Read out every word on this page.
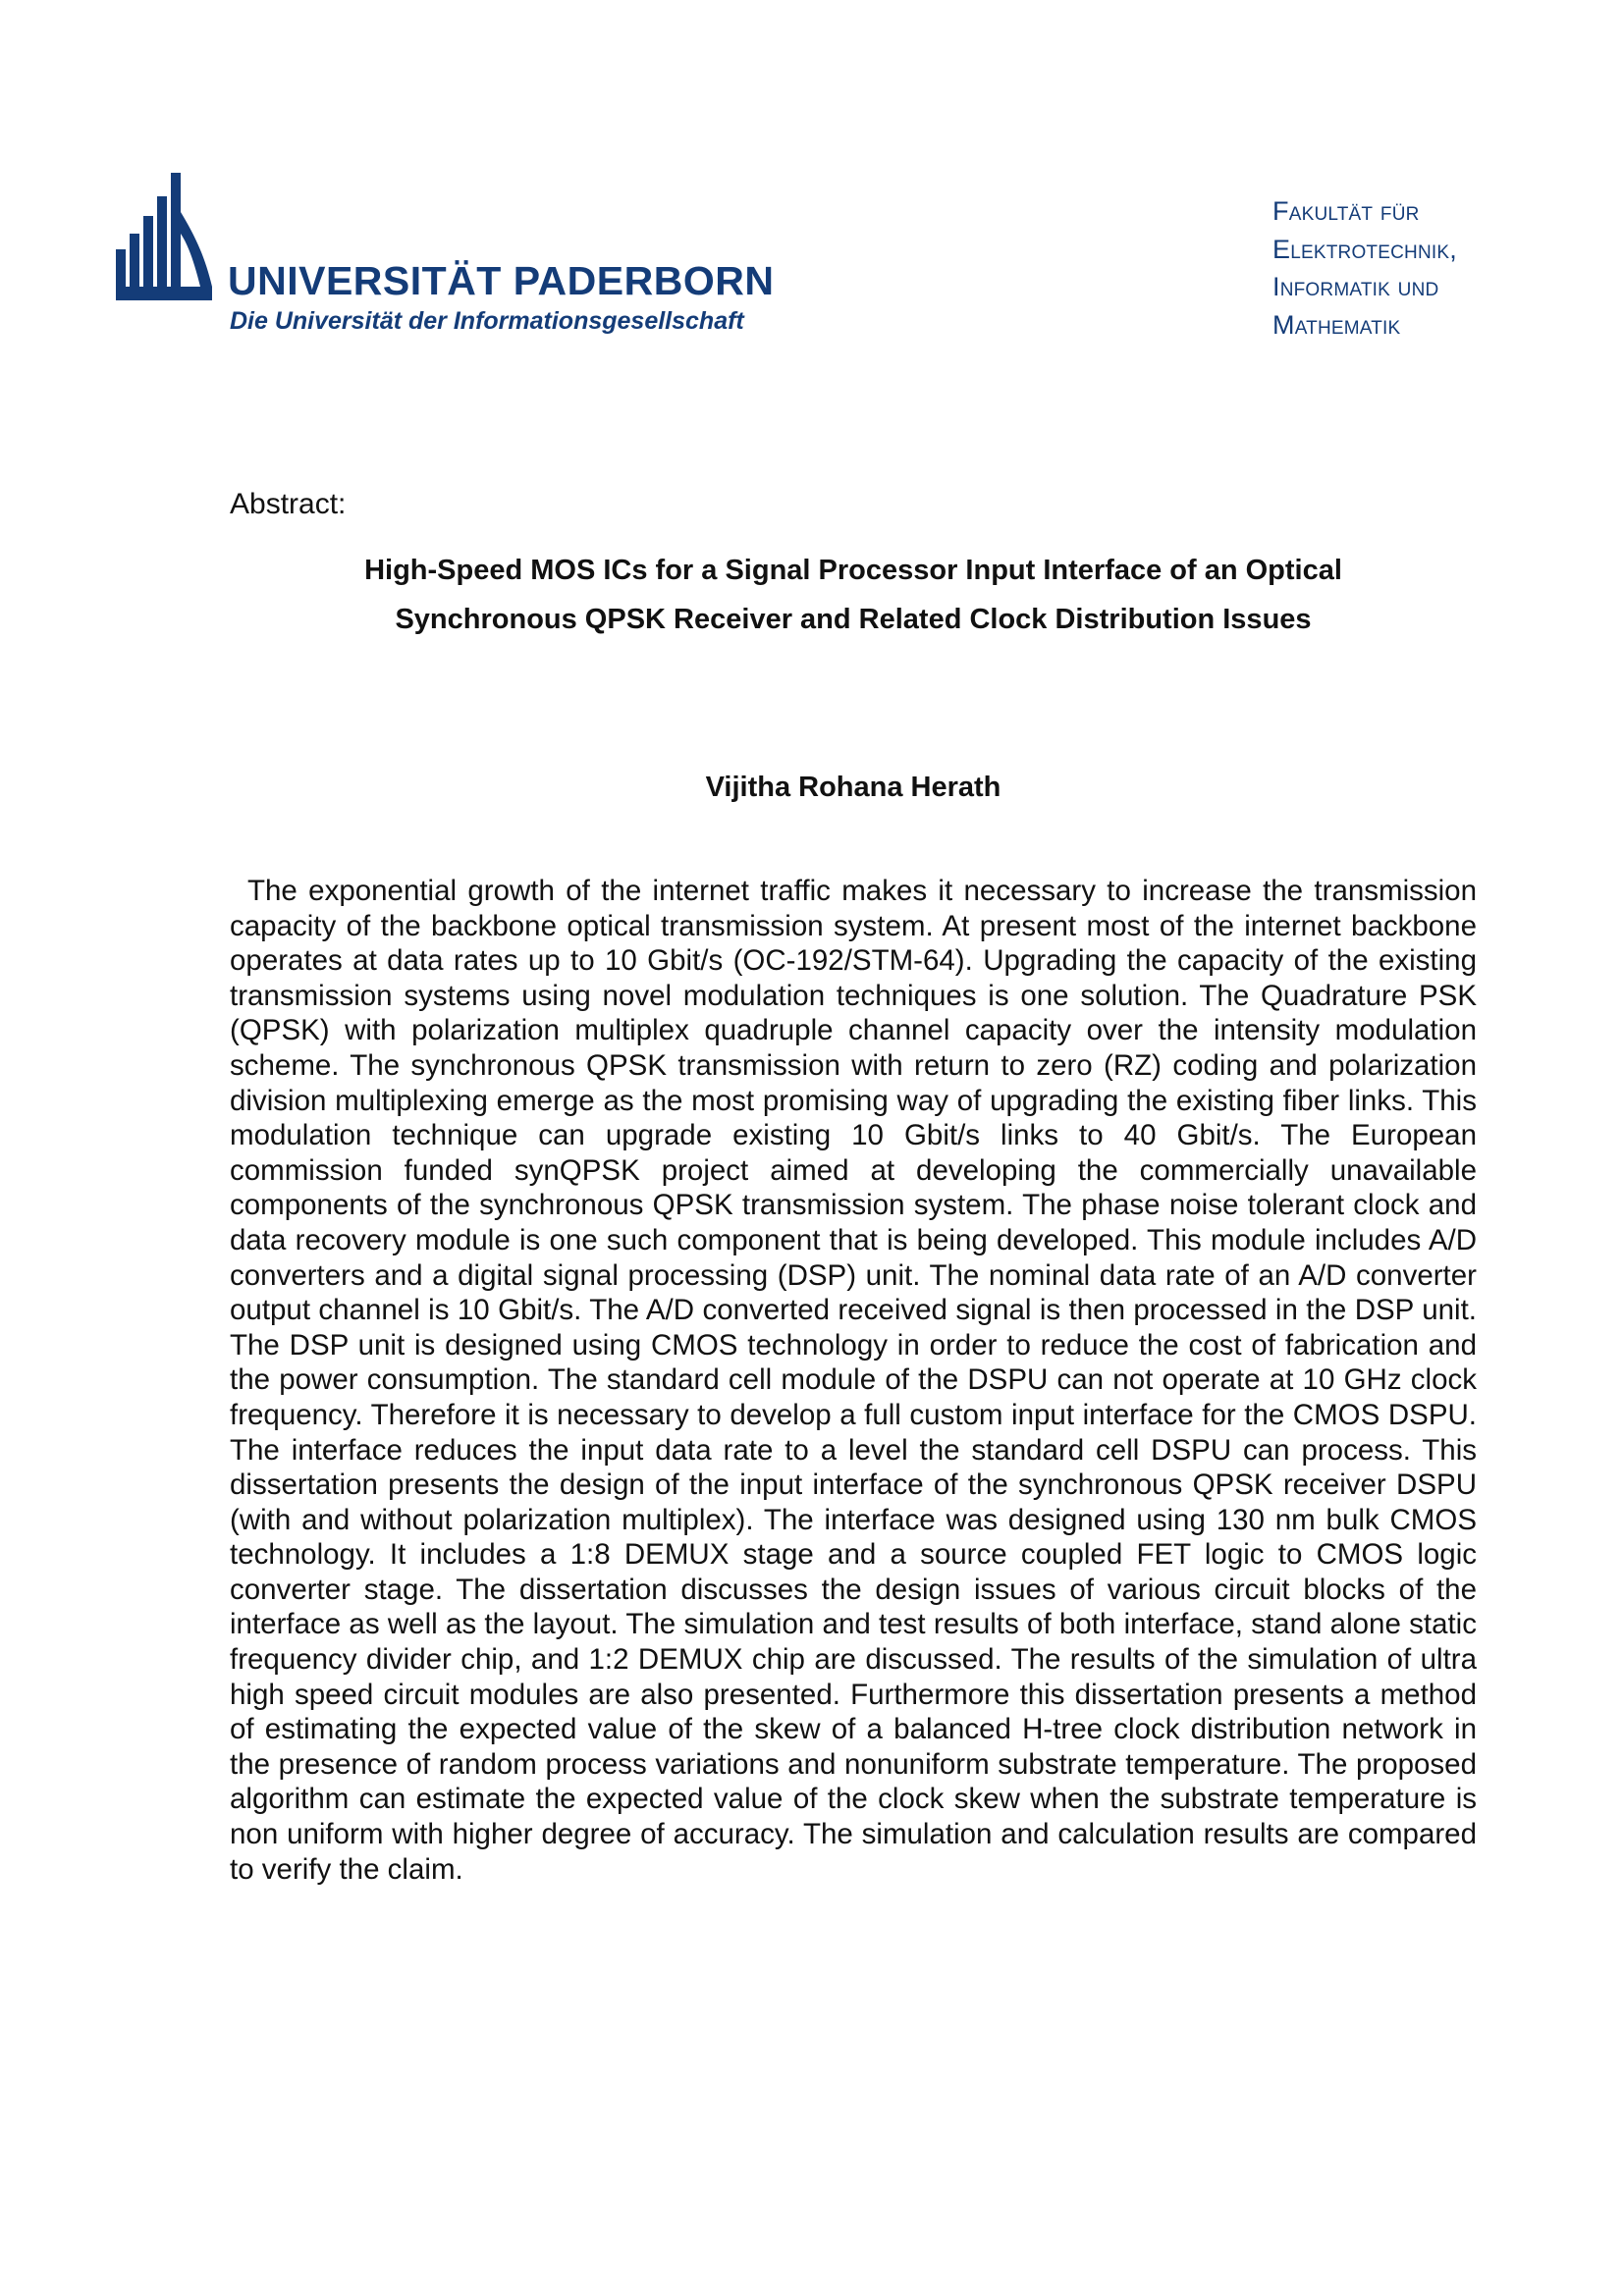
UNIVERSITÄT PADERBORN
Die Universität der Informationsgesellschaft
Fakultät für
Elektrotechnik,
Informatik und
Mathematik
Abstract:
High-Speed MOS ICs for a Signal Processor Input Interface of an Optical
Synchronous QPSK Receiver and Related Clock Distribution Issues
Vijitha Rohana Herath

The exponential growth of the internet traffic makes it necessary to increase the transmission capacity of the backbone optical transmission system. At present most of the internet backbone operates at data rates up to 10 Gbit/s (OC-192/STM-64). Upgrading the capacity of the existing transmission systems using novel modulation techniques is one solution. The Quadrature PSK (QPSK) with polarization multiplex quadruple channel capacity over the intensity modulation scheme. The synchronous QPSK transmission with return to zero (RZ) coding and polarization division multiplexing emerge as the most promising way of upgrading the existing fiber links. This modulation technique can upgrade existing 10 Gbit/s links to 40 Gbit/s. The European commission funded synQPSK project aimed at developing the commercially unavailable components of the synchronous QPSK transmission system. The phase noise tolerant clock and data recovery module is one such component that is being developed. This module includes A/D converters and a digital signal processing (DSP) unit. The nominal data rate of an A/D converter output channel is 10 Gbit/s. The A/D converted received signal is then processed in the DSP unit. The DSP unit is designed using CMOS technology in order to reduce the cost of fabrication and the power consumption. The standard cell module of the DSPU can not operate at 10 GHz clock frequency. Therefore it is necessary to develop a full custom input interface for the CMOS DSPU. The interface reduces the input data rate to a level the standard cell DSPU can process. This dissertation presents the design of the input interface of the synchronous QPSK receiver DSPU (with and without polarization multiplex). The interface was designed using 130 nm bulk CMOS technology. It includes a 1:8 DEMUX stage and a source coupled FET logic to CMOS logic converter stage. The dissertation discusses the design issues of various circuit blocks of the interface as well as the layout. The simulation and test results of both interface, stand alone static frequency divider chip, and 1:2 DEMUX chip are discussed. The results of the simulation of ultra high speed circuit modules are also presented. Furthermore this dissertation presents a method of estimating the expected value of the skew of a balanced H-tree clock distribution network in the presence of random process variations and nonuniform substrate temperature. The proposed algorithm can estimate the expected value of the clock skew when the substrate temperature is non uniform with higher degree of accuracy. The simulation and calculation results are compared to verify the claim.
